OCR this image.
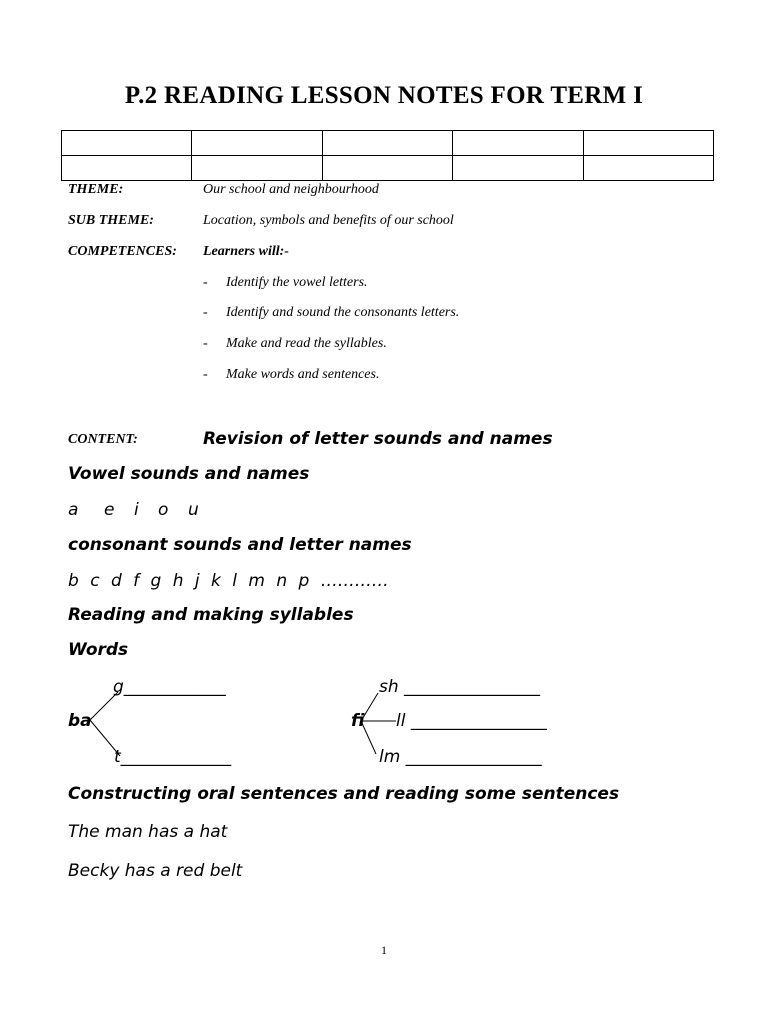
P.2 READING LESSON NOTES FOR TERM I

THEME:	Our school and neighbourhood
SUB THEME:	Location, symbols and benefits of our school
COMPETENCES: Learners will:-
- Identify the vowel letters.
- Identify and sound the consonants letters.
- Make and read the syllables.
- Make words and sentences.
CONTENT:	Revision of letter sounds and names
Vowel sounds and names
a e i o u
consonant sounds and letter names
b c d f g h j k l m n p …………
Reading and making syllables
Words
g____________
ba
t_____________
sh ________________
fi ll ________________
lm ________________
Constructing oral sentences and reading some sentences
The man has a hat
Becky has a red belt
1
